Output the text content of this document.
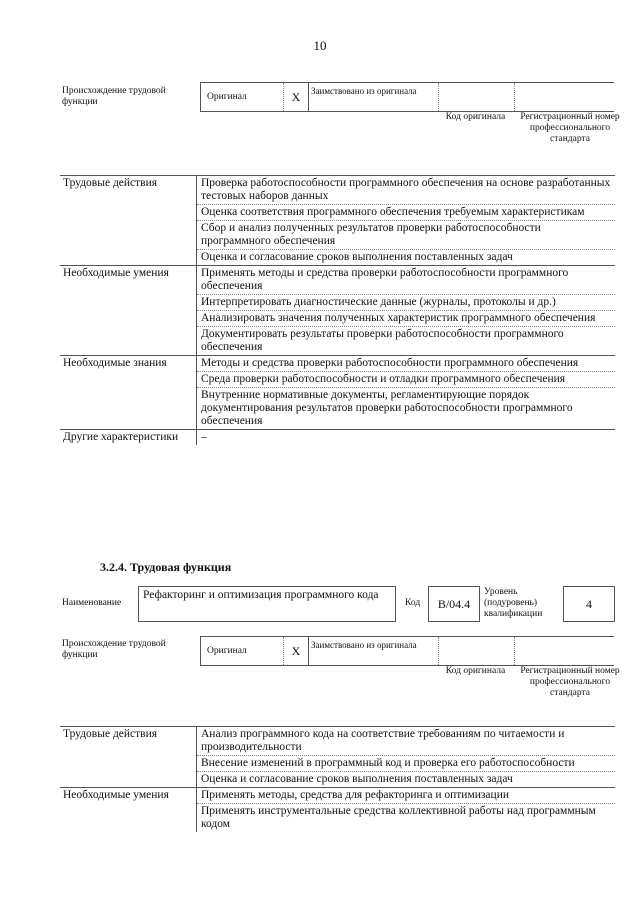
10
Происхождение трудовой функции	Оригинал	X	Заимствовано из оригинала
Код оригинала	Регистрационный номер профессионального стандарта
Трудовые действия	Проверка работоспособности программного обеспечения на основе разработанных тестовых наборов данных
	Оценка соответствия программного обеспечения требуемым характеристикам
	Сбор и анализ полученных результатов проверки работоспособности программного обеспечения
	Оценка и согласование сроков выполнения поставленных задач
Необходимые умения	Применять методы и средства проверки работоспособности программного обеспечения
	Интерпретировать диагностические данные (журналы, протоколы и др.)
	Анализировать значения полученных характеристик программного обеспечения
	Документировать результаты проверки работоспособности программного обеспечения
Необходимые знания	Методы и средства проверки работоспособности программного обеспечения
	Среда проверки работоспособности и отладки программного обеспечения
	Внутренние нормативные документы, регламентирующие порядок документирования результатов проверки работоспособности программного обеспечения
Другие характеристики	–
3.2.4. Трудовая функция
Наименование
Рефакторинг и оптимизация программного кода
Код	B/04.4
Уровень (подуровень) квалификации
4
Происхождение трудовой функции	Оригинал	X	Заимствовано из оригинала
Код оригинала	Регистрационный номер профессионального стандарта
Трудовые действия	Анализ программного кода на соответствие требованиям по читаемости и производительности
	Внесение изменений в программный код и проверка его работоспособности
	Оценка и согласование сроков выполнения поставленных задач
Необходимые умения	Применять методы, средства для рефакторинга и оптимизации
	Применять инструментальные средства коллективной работы над программным кодом
